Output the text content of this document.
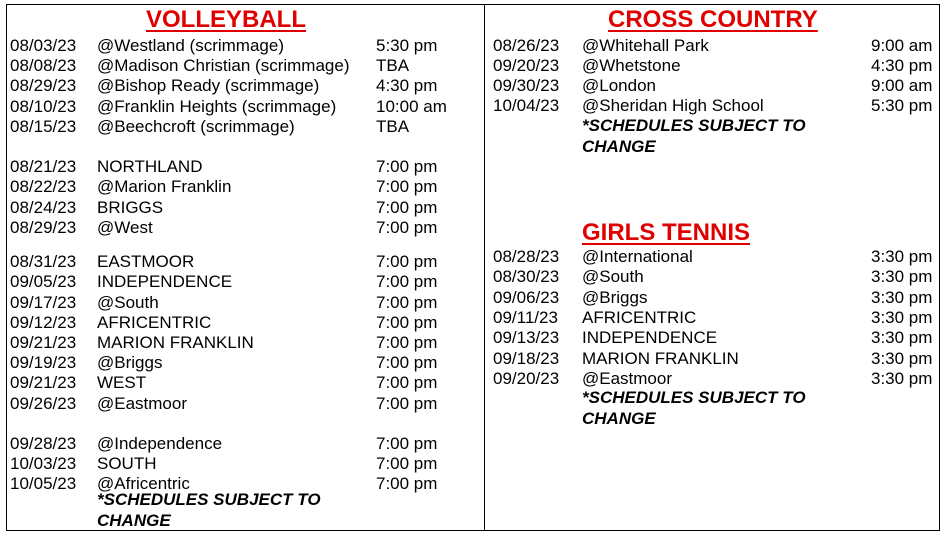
VOLLEYBALL
08/03/23 @Westland (scrimmage)	5:30 pm
08/08/23 @Madison Christian (scrimmage) TBA
08/29/23 @Bishop Ready (scrimmage)	4:30 pm
08/10/23 @Franklin Heights (scrimmage) 10:00 am
08/15/23 @Beechcroft (scrimmage)	TBA
08/21/23 NORTHLAND	7:00 pm
08/22/23 @Marion Franklin	7:00 pm
08/24/23 BRIGGS	7:00 pm
08/29/23 @West	7:00 pm
08/31/23 EASTMOOR	7:00 pm
09/05/23 INDEPENDENCE	7:00 pm
09/17/23 @South	7:00 pm
09/12/23 AFRICENTRIC	7:00 pm
09/21/23 MARION FRANKLIN	7:00 pm
09/19/23 @Briggs	7:00 pm
09/21/23 WEST	7:00 pm
09/26/23 @Eastmoor	7:00 pm
09/28/23 @Independence	7:00 pm
10/03/23 SOUTH	7:00 pm
10/05/23 @Africentric	7:00 pm
*SCHEDULES SUBJECT TO
CHANGE
CROSS COUNTRY
08/26/23 @Whitehall Park	9:00 am
09/20/23 @Whetstone	4:30 pm
09/30/23 @London	9:00 am
10/04/23 @Sheridan High School	5:30 pm
*SCHEDULES SUBJECT TO
CHANGE
GIRLS TENNIS
08/28/23 @International	3:30 pm
08/30/23 @South	3:30 pm
09/06/23 @Briggs	3:30 pm
09/11/23 AFRICENTRIC	3:30 pm
09/13/23 INDEPENDENCE	3:30 pm
09/18/23 MARION FRANKLIN	3:30 pm
09/20/23 @Eastmoor	3:30 pm
*SCHEDULES SUBJECT TO
CHANGE
